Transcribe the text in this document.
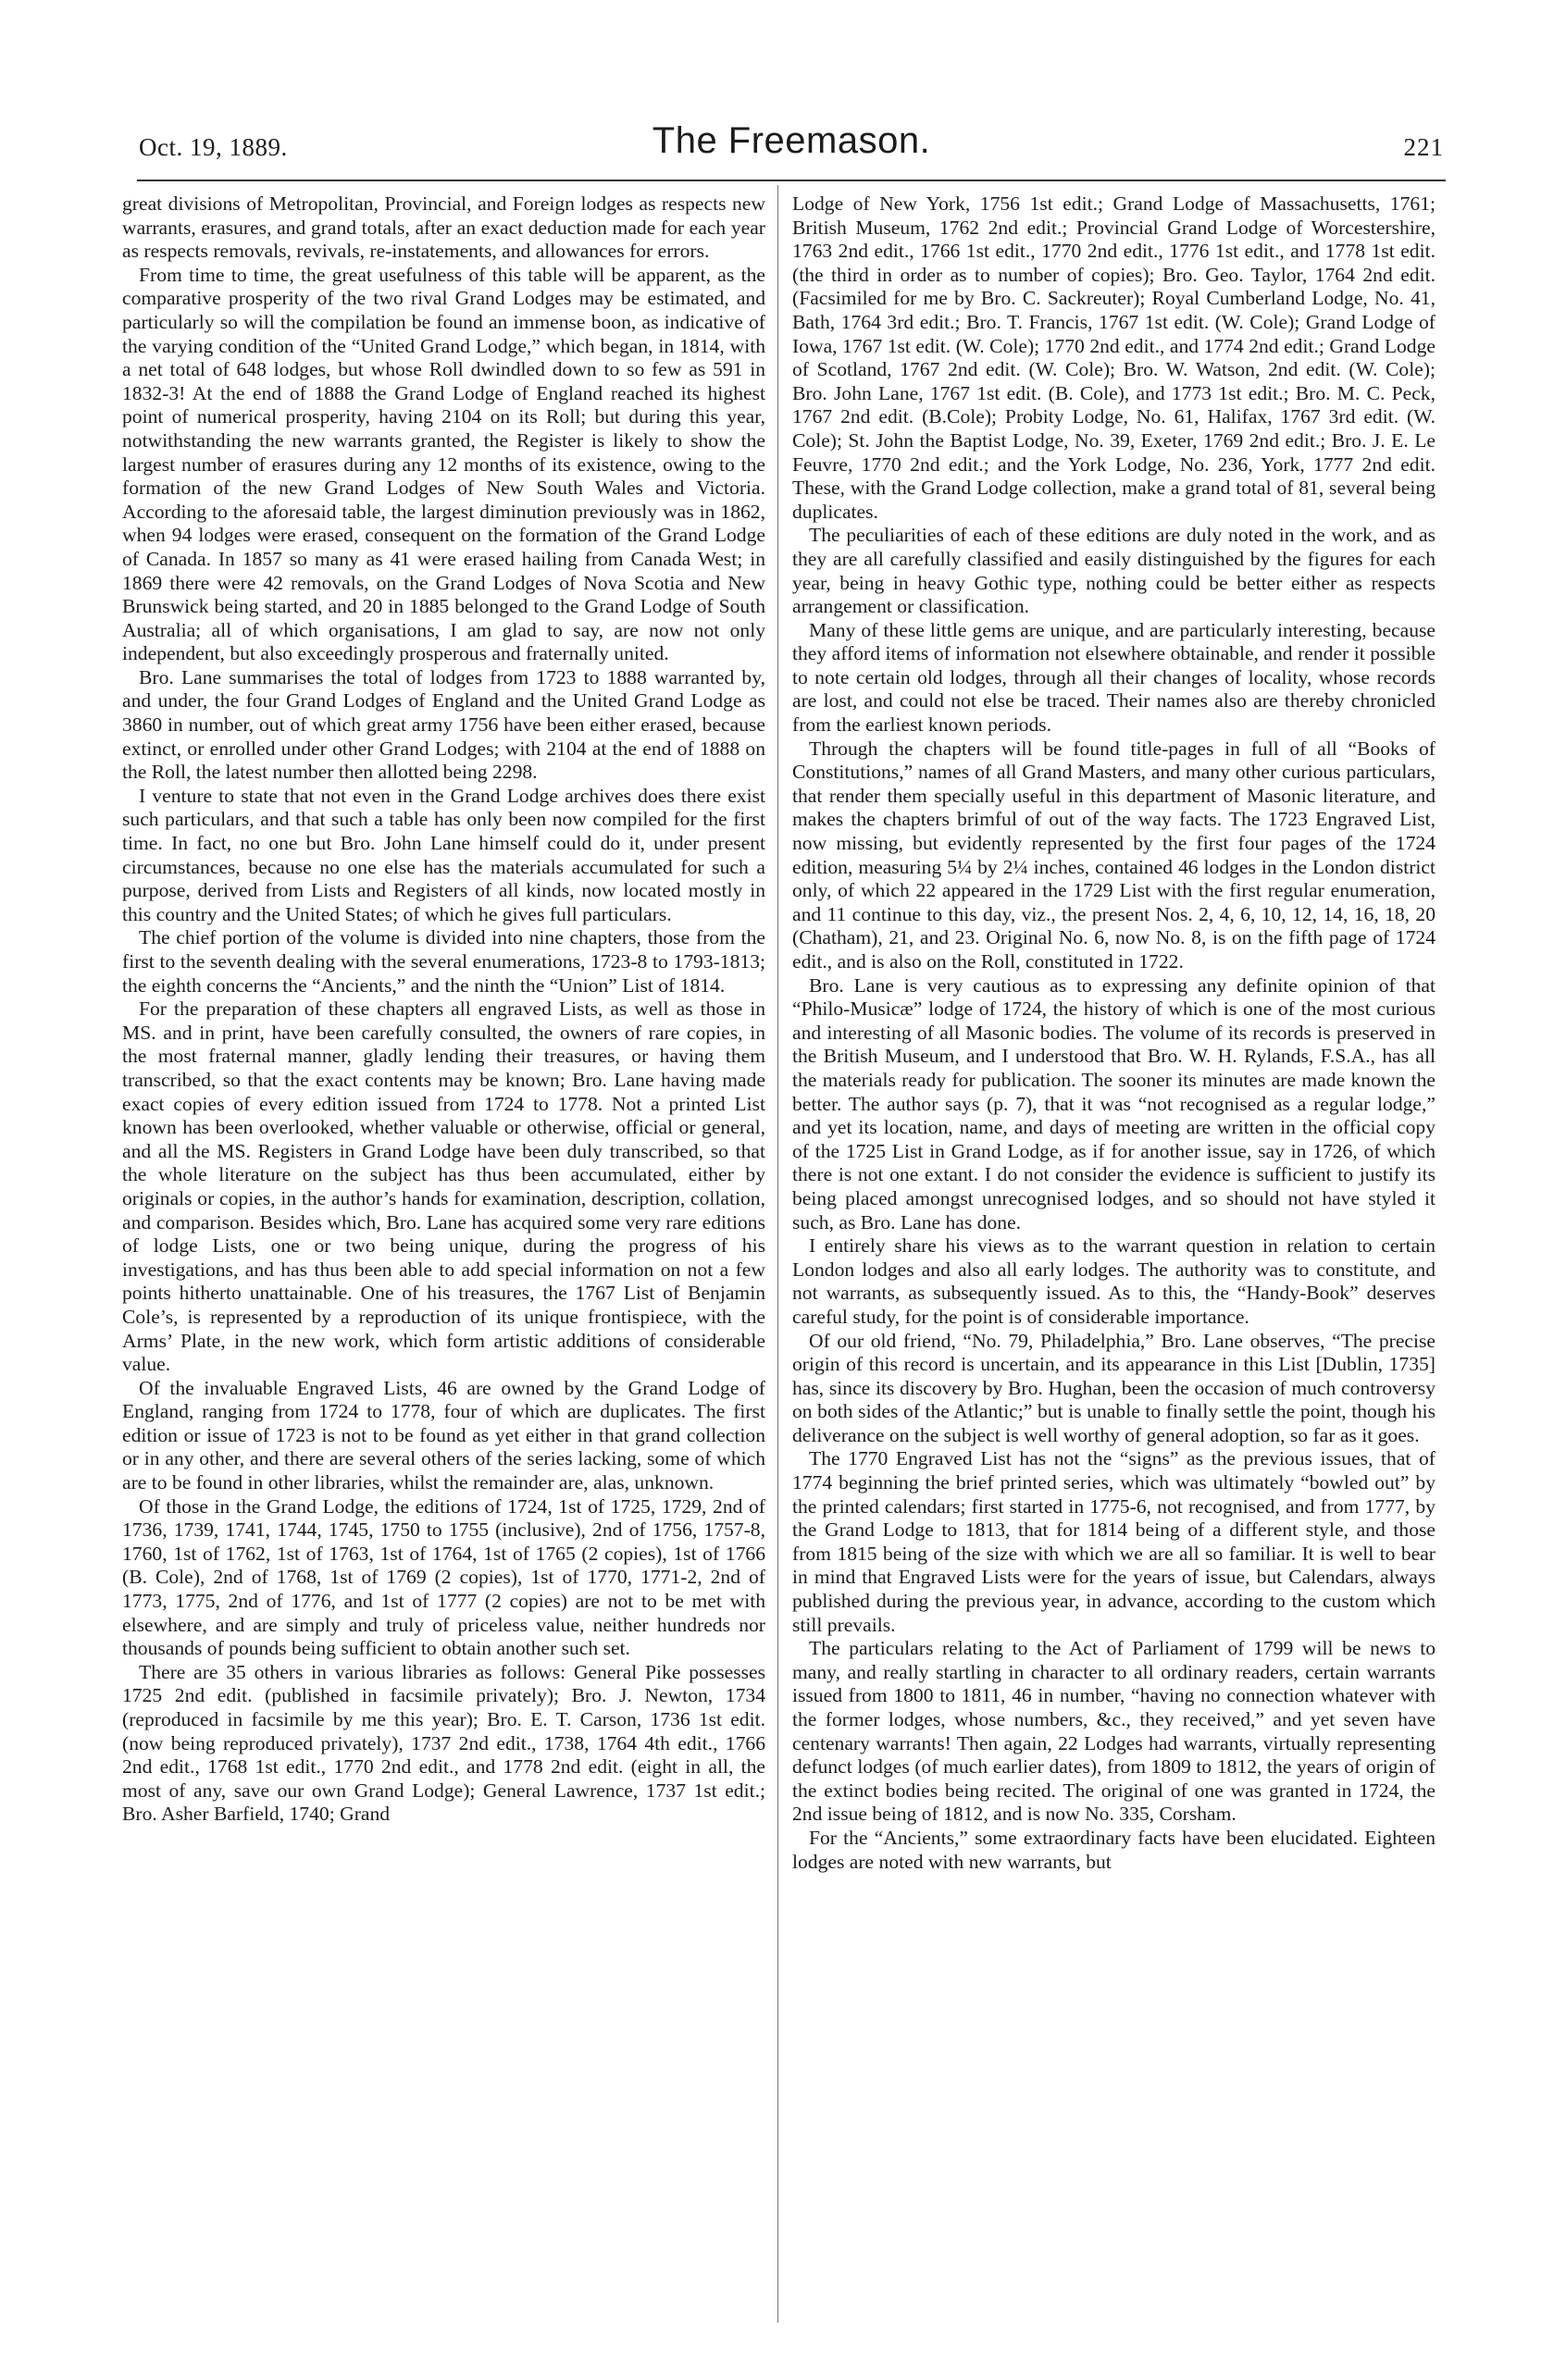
Oct. 19, 1889.	The Freemason.	221

great divisions of Metropolitan, Provincial, and Foreign lodges as respects new warrants, erasures, and grand totals, after an exact deduction made for each year as respects removals, revivals, re-instatements, and allowances for errors.

From time to time, the great usefulness of this table will be apparent, as the comparative prosperity of the two rival Grand Lodges may be estimated, and particularly so will the compilation be found an immense boon, as indicative of the varying condition of the “United Grand Lodge,” which began, in 1814, with a net total of 648 lodges, but whose Roll dwindled down to so few as 591 in 1832-3! At the end of 1888 the Grand Lodge of England reached its highest point of numerical prosperity, having 2104 on its Roll; but during this year, notwithstanding the new warrants granted, the Register is likely to show the largest number of erasures during any 12 months of its existence, owing to the formation of the new Grand Lodges of New South Wales and Victoria. According to the aforesaid table, the largest diminution previously was in 1862, when 94 lodges were erased, consequent on the formation of the Grand Lodge of Canada. In 1857 so many as 41 were erased hailing from Canada West; in 1869 there were 42 removals, on the Grand Lodges of Nova Scotia and New Brunswick being started, and 20 in 1885 belonged to the Grand Lodge of South Australia; all of which organisations, I am glad to say, are now not only independent, but also exceedingly prosperous and fraternally united.

Bro. Lane summarises the total of lodges from 1723 to 1888 warranted by, and under, the four Grand Lodges of England and the United Grand Lodge as 3860 in number, out of which great army 1756 have been either erased, because extinct, or enrolled under other Grand Lodges; with 2104 at the end of 1888 on the Roll, the latest number then allotted being 2298.

I venture to state that not even in the Grand Lodge archives does there exist such particulars, and that such a table has only been now compiled for the first time. In fact, no one but Bro. John Lane himself could do it, under present circumstances, because no one else has the materials accumulated for such a purpose, derived from Lists and Registers of all kinds, now located mostly in this country and the United States; of which he gives full particulars.

The chief portion of the volume is divided into nine chapters, those from the first to the seventh dealing with the several enumerations, 1723-8 to 1793-1813; the eighth concerns the “Ancients,” and the ninth the “Union” List of 1814.

For the preparation of these chapters all engraved Lists, as well as those in MS. and in print, have been carefully consulted, the owners of rare copies, in the most fraternal manner, gladly lending their treasures, or having them transcribed, so that the exact contents may be known; Bro. Lane having made exact copies of every edition issued from 1724 to 1778. Not a printed List known has been overlooked, whether valuable or otherwise, official or general, and all the MS. Registers in Grand Lodge have been duly transcribed, so that the whole literature on the subject has thus been accumulated, either by originals or copies, in the author’s hands for examination, description, collation, and comparison. Besides which, Bro. Lane has acquired some very rare editions of lodge Lists, one or two being unique, during the progress of his investigations, and has thus been able to add special information on not a few points hitherto unattainable. One of his treasures, the 1767 List of Benjamin Cole’s, is represented by a reproduction of its unique frontispiece, with the Arms’ Plate, in the new work, which form artistic additions of considerable value.

Of the invaluable Engraved Lists, 46 are owned by the Grand Lodge of England, ranging from 1724 to 1778, four of which are duplicates. The first edition or issue of 1723 is not to be found as yet either in that grand collection or in any other, and there are several others of the series lacking, some of which are to be found in other libraries, whilst the remainder are, alas, unknown.

Of those in the Grand Lodge, the editions of 1724, 1st of 1725, 1729, 2nd of 1736, 1739, 1741, 1744, 1745, 1750 to 1755 (inclusive), 2nd of 1756, 1757-8, 1760, 1st of 1762, 1st of 1763, 1st of 1764, 1st of 1765 (2 copies), 1st of 1766 (B. Cole), 2nd of 1768, 1st of 1769 (2 copies), 1st of 1770, 1771-2, 2nd of 1773, 1775, 2nd of 1776, and 1st of 1777 (2 copies) are not to be met with elsewhere, and are simply and truly of priceless value, neither hundreds nor thousands of pounds being sufficient to obtain another such set.

There are 35 others in various libraries as follows: General Pike possesses 1725 2nd edit. (published in facsimile privately); Bro. J. Newton, 1734 (reproduced in facsimile by me this year); Bro. E. T. Carson, 1736 1st edit. (now being reproduced privately), 1737 2nd edit., 1738, 1764 4th edit., 1766 2nd edit., 1768 1st edit., 1770 2nd edit., and 1778 2nd edit. (eight in all, the most of any, save our own Grand Lodge); General Lawrence, 1737 1st edit.; Bro. Asher Barfield, 1740; Grand

Lodge of New York, 1756 1st edit.; Grand Lodge of Massachusetts, 1761; British Museum, 1762 2nd edit.; Provincial Grand Lodge of Worcestershire, 1763 2nd edit., 1766 1st edit., 1770 2nd edit., 1776 1st edit., and 1778 1st edit. (the third in order as to number of copies); Bro. Geo. Taylor, 1764 2nd edit. (Facsimiled for me by Bro. C. Sackreuter); Royal Cumberland Lodge, No. 41, Bath, 1764 3rd edit.; Bro. T. Francis, 1767 1st edit. (W. Cole); Grand Lodge of Iowa, 1767 1st edit. (W. Cole); 1770 2nd edit., and 1774 2nd edit.; Grand Lodge of Scotland, 1767 2nd edit. (W. Cole); Bro. W. Watson, 2nd edit. (W. Cole); Bro. John Lane, 1767 1st edit. (B. Cole), and 1773 1st edit.; Bro. M. C. Peck, 1767 2nd edit. (B.Cole); Probity Lodge, No. 61, Halifax, 1767 3rd edit. (W. Cole); St. John the Baptist Lodge, No. 39, Exeter, 1769 2nd edit.; Bro. J. E. Le Feuvre, 1770 2nd edit.; and the York Lodge, No. 236, York, 1777 2nd edit. These, with the Grand Lodge collection, make a grand total of 81, several being duplicates.

The peculiarities of each of these editions are duly noted in the work, and as they are all carefully classified and easily distinguished by the figures for each year, being in heavy Gothic type, nothing could be better either as respects arrangement or classification.

Many of these little gems are unique, and are particularly interesting, because they afford items of information not elsewhere obtainable, and render it possible to note certain old lodges, through all their changes of locality, whose records are lost, and could not else be traced. Their names also are thereby chronicled from the earliest known periods.

Through the chapters will be found title-pages in full of all “Books of Constitutions,” names of all Grand Masters, and many other curious particulars, that render them specially useful in this department of Masonic literature, and makes the chapters brimful of out of the way facts. The 1723 Engraved List, now missing, but evidently represented by the first four pages of the 1724 edition, measuring 5¼ by 2¼ inches, contained 46 lodges in the London district only, of which 22 appeared in the 1729 List with the first regular enumeration, and 11 continue to this day, viz., the present Nos. 2, 4, 6, 10, 12, 14, 16, 18, 20 (Chatham), 21, and 23. Original No. 6, now No. 8, is on the fifth page of 1724 edit., and is also on the Roll, constituted in 1722.

Bro. Lane is very cautious as to expressing any definite opinion of that “Philo-Musicæ” lodge of 1724, the history of which is one of the most curious and interesting of all Masonic bodies. The volume of its records is preserved in the British Museum, and I understood that Bro. W. H. Rylands, F.S.A., has all the materials ready for publication. The sooner its minutes are made known the better. The author says (p. 7), that it was “not recognised as a regular lodge,” and yet its location, name, and days of meeting are written in the official copy of the 1725 List in Grand Lodge, as if for another issue, say in 1726, of which there is not one extant. I do not consider the evidence is sufficient to justify its being placed amongst unrecognised lodges, and so should not have styled it such, as Bro. Lane has done.

I entirely share his views as to the warrant question in relation to certain London lodges and also all early lodges. The authority was to constitute, and not warrants, as subsequently issued. As to this, the “Handy-Book” deserves careful study, for the point is of considerable importance.

Of our old friend, “No. 79, Philadelphia,” Bro. Lane observes, “The precise origin of this record is uncertain, and its appearance in this List [Dublin, 1735] has, since its discovery by Bro. Hughan, been the occasion of much controversy on both sides of the Atlantic;” but is unable to finally settle the point, though his deliverance on the subject is well worthy of general adoption, so far as it goes.

The 1770 Engraved List has not the “signs” as the previous issues, that of 1774 beginning the brief printed series, which was ultimately “bowled out” by the printed calendars; first started in 1775-6, not recognised, and from 1777, by the Grand Lodge to 1813, that for 1814 being of a different style, and those from 1815 being of the size with which we are all so familiar. It is well to bear in mind that Engraved Lists were for the years of issue, but Calendars, always published during the previous year, in advance, according to the custom which still prevails.

The particulars relating to the Act of Parliament of 1799 will be news to many, and really startling in character to all ordinary readers, certain warrants issued from 1800 to 1811, 46 in number, “having no connection whatever with the former lodges, whose numbers, &c., they received,” and yet seven have centenary warrants! Then again, 22 Lodges had warrants, virtually representing defunct lodges (of much earlier dates), from 1809 to 1812, the years of origin of the extinct bodies being recited. The original of one was granted in 1724, the 2nd issue being of 1812, and is now No. 335, Corsham.

For the “Ancients,” some extraordinary facts have been elucidated. Eighteen lodges are noted with new warrants, but
